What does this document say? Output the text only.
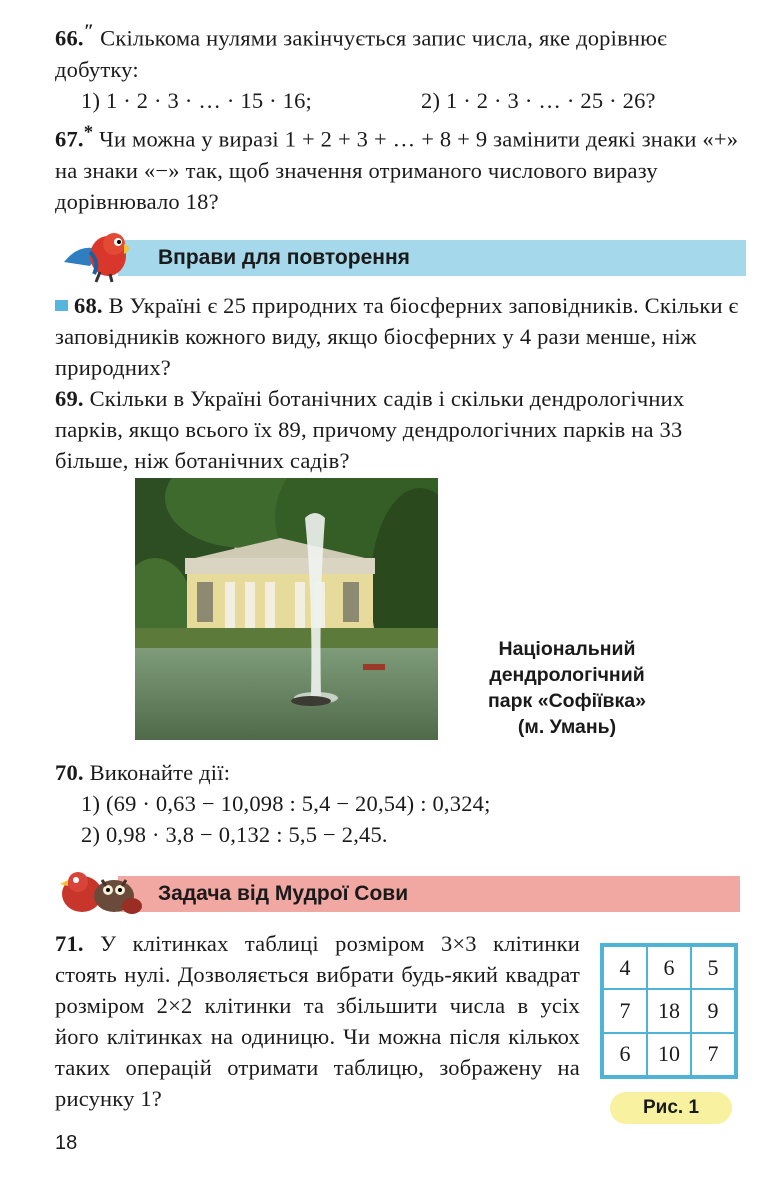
66.″ Скількома нулями закінчується запис числа, яке дорівнює добутку:
1) 1 · 2 · 3 · … · 15 · 16;	2) 1 · 2 · 3 · … · 25 · 26?
67.* Чи можна у виразі 1 + 2 + 3 + … + 8 + 9 замінити деякі знаки «+» на знаки «−» так, щоб значення отриманого числового виразу дорівнювало 18?
Вправи для повторення
68. В Україні є 25 природних та біосферних заповідників. Скільки є заповідників кожного виду, якщо біосферних у 4 рази менше, ніж природних?
69. Скільки в Україні ботанічних садів і скільки дендрологічних парків, якщо всього їх 89, причому дендрологічних парків на 33 більше, ніж ботанічних садів?
Національний
дендрологічний
парк «Софіївка»
(м. Умань)
70. Виконайте дії:
1) (69 · 0,63 − 10,098 : 5,4 − 20,54) : 0,324;
2) 0,98 · 3,8 − 0,132 : 5,5 − 2,45.
Задача від Мудрої Сови
71. У клітинках таблиці розміром 3×3 клітинки стоять нулі. Дозволяється вибрати будь-який квадрат розміром 2×2 клітинки та збільшити числа в усіх його клітинках на одиницю. Чи можна після кількох таких операцій отримати таблицю, зображену на рисунку 1?
4	6	5
7	18	9
6	10	7
Рис. 1
18
